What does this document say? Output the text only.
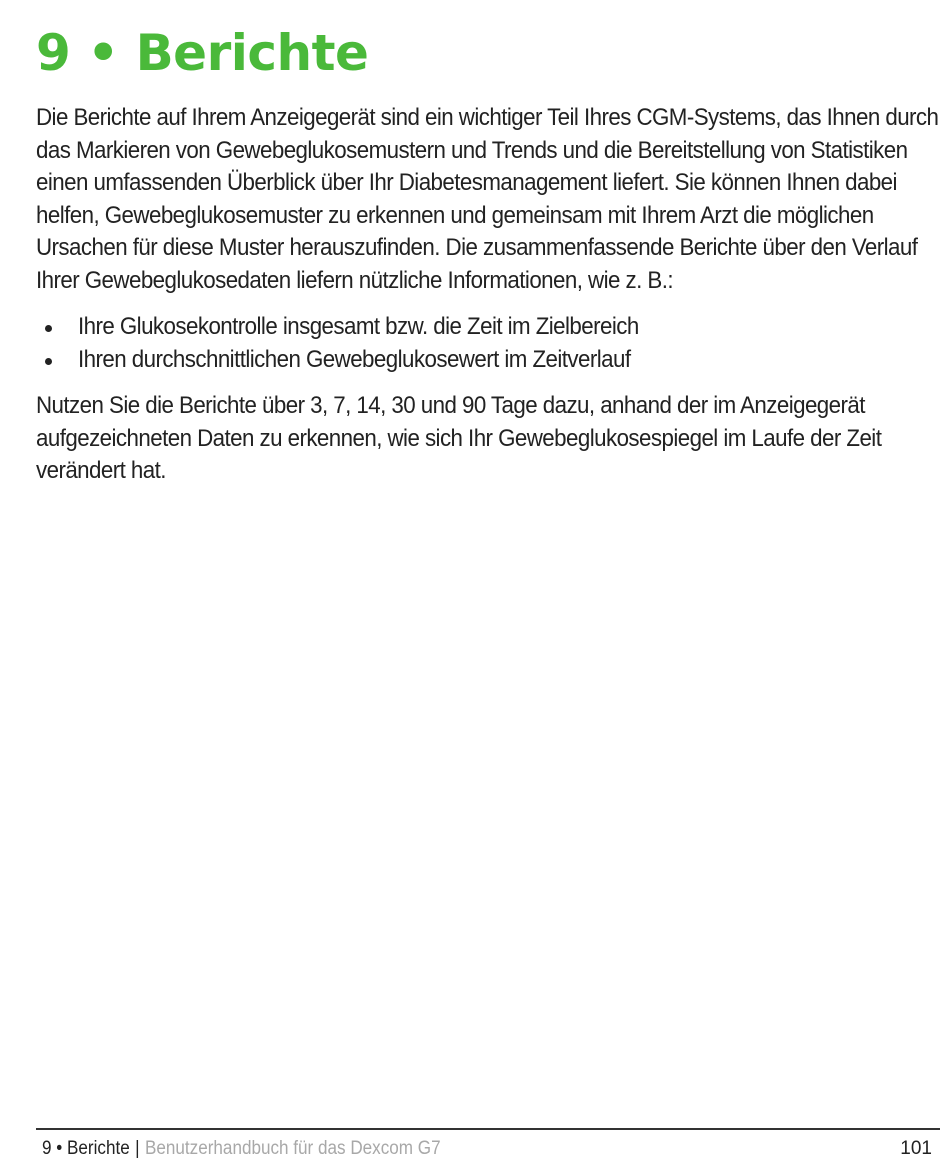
9 • Berichte

Die Berichte auf Ihrem Anzeigegerät sind ein wichtiger Teil Ihres CGM-Systems, das Ihnen durch das Markieren von Gewebeglukosemustern und Trends und die Bereitstellung von Statistiken einen umfassenden Überblick über Ihr Diabetesmanagement liefert. Sie können Ihnen dabei helfen, Gewebeglukosemuster zu erkennen und gemeinsam mit Ihrem Arzt die möglichen Ursachen für diese Muster herauszufinden. Die zusammenfassende Berichte über den Verlauf Ihrer Gewebeglukosedaten liefern nützliche Informationen, wie z. B.:

Ihre Glukosekontrolle insgesamt bzw. die Zeit im Zielbereich
Ihren durchschnittlichen Gewebeglukosewert im Zeitverlauf

Nutzen Sie die Berichte über 3, 7, 14, 30 und 90 Tage dazu, anhand der im Anzeigegerät aufgezeichneten Daten zu erkennen, wie sich Ihr Gewebeglukosespiegel im Laufe der Zeit verändert hat.

9 • Berichte | Benutzerhandbuch für das Dexcom G7	101
